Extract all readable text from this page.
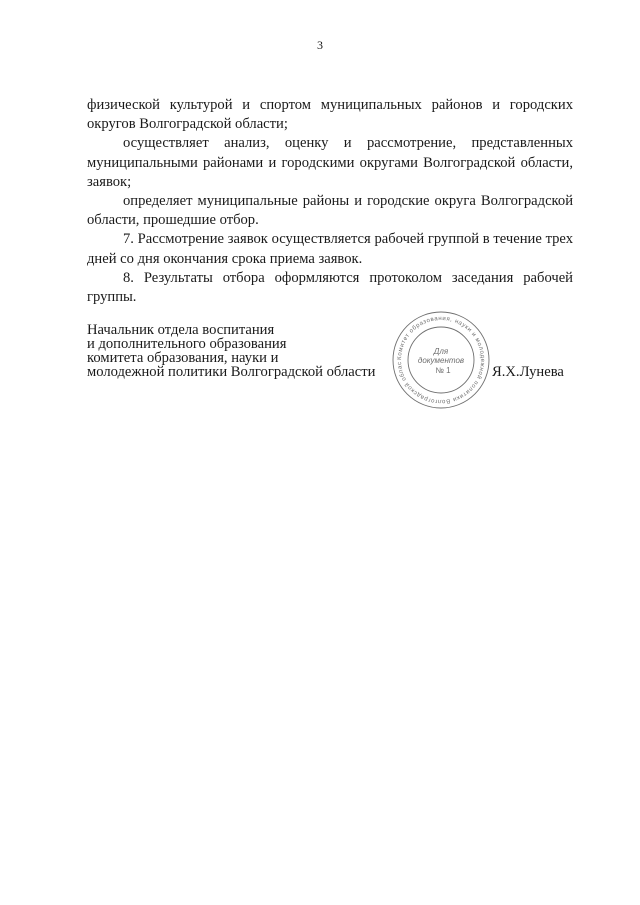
3

физической культурой и спортом муниципальных районов и городских округов Волгоградской области;

осуществляет анализ, оценку и рассмотрение, представленных муниципальными районами и городскими округами Волгоградской области, заявок;

определяет муниципальные районы и городские округа Волгоградской области, прошедшие отбор.

7. Рассмотрение заявок осуществляется рабочей группой в течение трех дней со дня окончания срока приема заявок.

8. Результаты отбора оформляются протоколом заседания рабочей группы.

Начальник отдела воспитания
и дополнительного образования
комитета образования, науки и
молодежной политики Волгоградской области
Комитет образования, науки и молодежной политики Волгоградской облас
Для
документов
№ 1	Я.Х.Лунева
